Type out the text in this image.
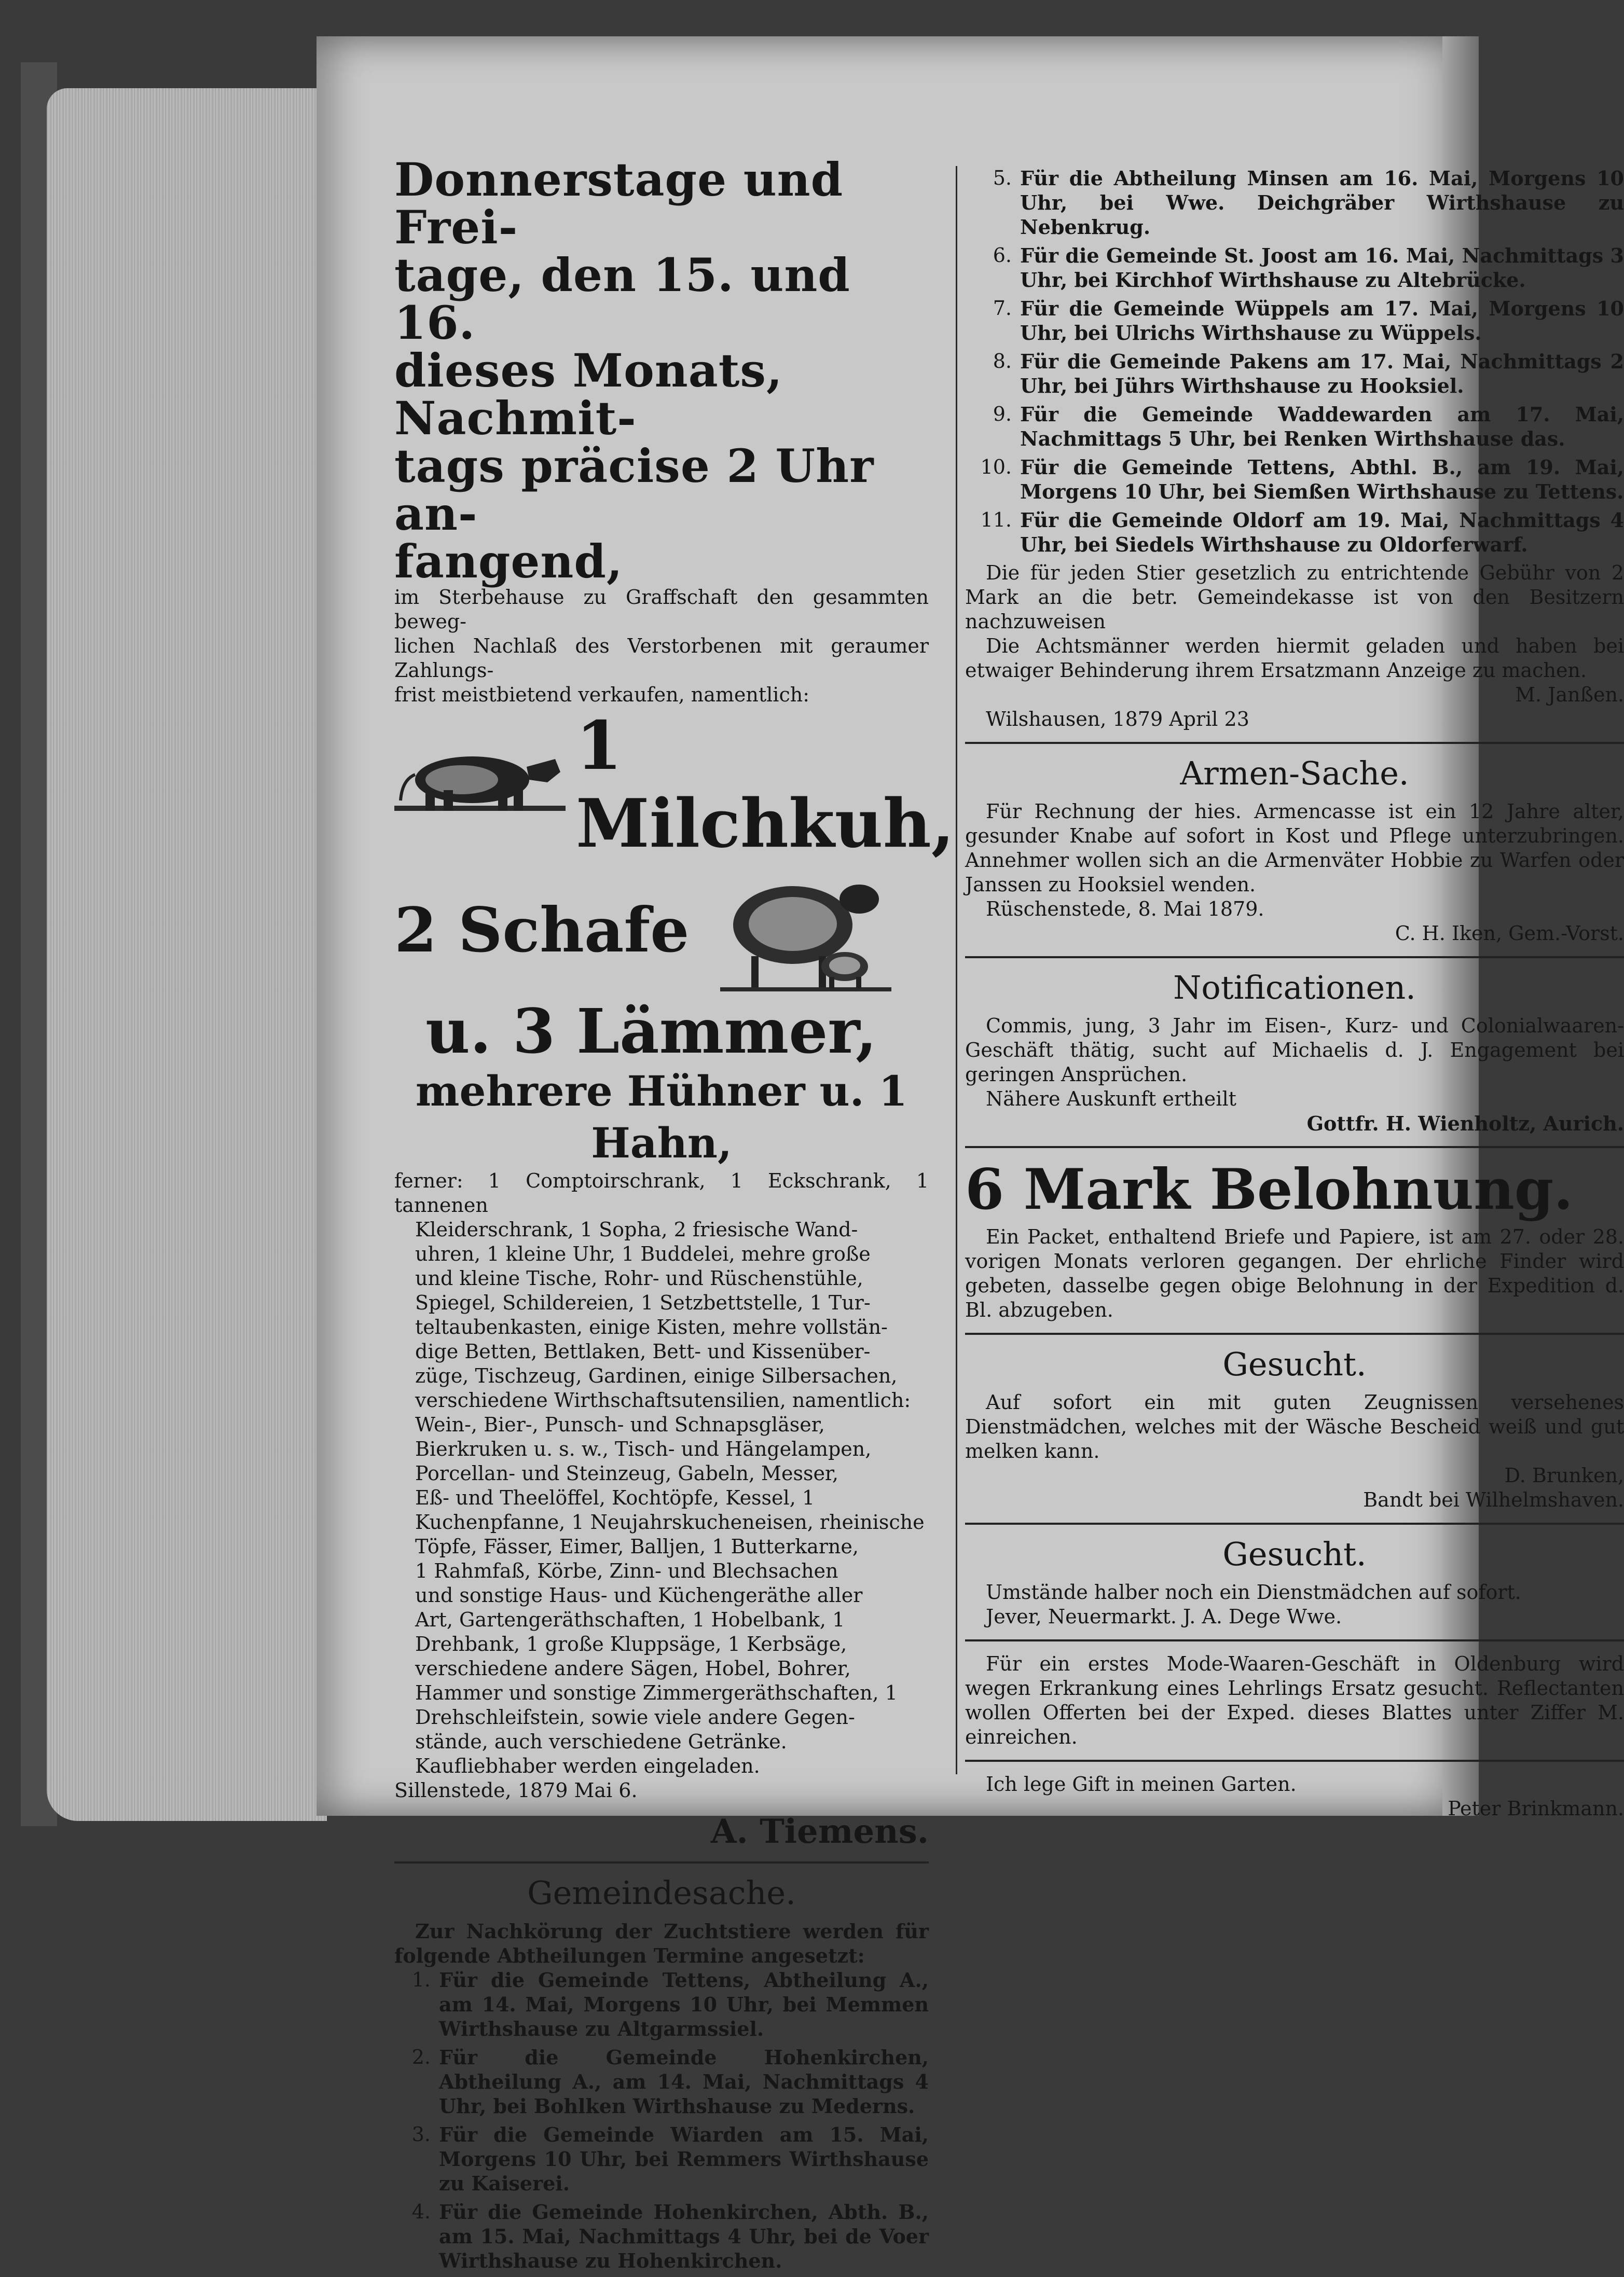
Donnerstage und Frei-

tage, den 15. und 16.

dieses Monats, Nachmit-

tags präcise 2 Uhr an-

fangend,

im Sterbehause zu Graffschaft den gesammten beweg-

lichen Nachlaß des Verstorbenen mit geraumer Zahlungs-

frist meistbietend verkaufen, namentlich:

1 Milchkuh,
2 Schafe
u. 3 Lämmer,
mehrere Hühner u. 1 Hahn,

ferner: 1 Comptoirschrank, 1 Eckschrank, 1 tannenen

Kleiderschrank, 1 Sopha, 2 friesische Wand-

uhren, 1 kleine Uhr, 1 Buddelei, mehre große

und kleine Tische, Rohr- und Rüschenstühle,

Spiegel, Schildereien, 1 Setzbettstelle, 1 Tur-

teltaubenkasten, einige Kisten, mehre vollstän-

dige Betten, Bettlaken, Bett- und Kissenüber-

züge, Tischzeug, Gardinen, einige Silbersachen,

verschiedene Wirthschaftsutensilien, namentlich:

Wein-, Bier-, Punsch- und Schnapsgläser,

Bierkruken u. s. w., Tisch- und Hängelampen,

Porcellan- und Steinzeug, Gabeln, Messer,

Eß- und Theelöffel, Kochtöpfe, Kessel, 1

Kuchenpfanne, 1 Neujahrskucheneisen, rheinische

Töpfe, Fässer, Eimer, Balljen, 1 Butterkarne,

1 Rahmfaß, Körbe, Zinn- und Blechsachen

und sonstige Haus- und Küchengeräthe aller

Art, Gartengeräthschaften, 1 Hobelbank, 1

Drehbank, 1 große Kluppsäge, 1 Kerbsäge,

verschiedene andere Sägen, Hobel, Bohrer,

Hammer und sonstige Zimmergeräthschaften, 1

Drehschleifstein, sowie viele andere Gegen-

stände, auch verschiedene Getränke.

Kaufliebhaber werden eingeladen.

Sillenstede, 1879 Mai 6.

A. Tiemens.
Gemeindesache.

Zur Nachkörung der Zuchtstiere werden für folgende Abtheilungen Termine angesetzt:

1. Für die Gemeinde Tettens, Abtheilung A., am 14. Mai, Morgens 10 Uhr, bei Memmen Wirthshause zu Altgarmssiel.
2. Für die Gemeinde Hohenkirchen, Abtheilung A., am 14. Mai, Nachmittags 4 Uhr, bei Bohlken Wirthshause zu Mederns.
3. Für die Gemeinde Wiarden am 15. Mai, Morgens 10 Uhr, bei Remmers Wirthshause zu Kaiserei.
4. Für die Gemeinde Hohenkirchen, Abth. B., am 15. Mai, Nachmittags 4 Uhr, bei de Voer Wirthshause zu Hohenkirchen.
5. Für die Abtheilung Minsen am 16. Mai, Morgens 10 Uhr, bei Wwe. Deichgräber Wirthshause zu Nebenkrug.
6. Für die Gemeinde St. Joost am 16. Mai, Nachmittags 3 Uhr, bei Kirchhof Wirthshause zu Altebrücke.
7. Für die Gemeinde Wüppels am 17. Mai, Morgens 10 Uhr, bei Ulrichs Wirthshause zu Wüppels.
8. Für die Gemeinde Pakens am 17. Mai, Nachmittags 2 Uhr, bei Jührs Wirthshause zu Hooksiel.
9. Für die Gemeinde Waddewarden am 17. Mai, Nachmittags 5 Uhr, bei Renken Wirthshause das.
10. Für die Gemeinde Tettens, Abthl. B., am 19. Mai, Morgens 10 Uhr, bei Siemßen Wirthshause zu Tettens.
11. Für die Gemeinde Oldorf am 19. Mai, Nachmittags 4 Uhr, bei Siedels Wirthshause zu Oldorferwarf.

Die für jeden Stier gesetzlich zu entrichtende Gebühr von 2 Mark an die betr. Gemeindekasse ist von den Besitzern nachzuweisen

Die Achtsmänner werden hiermit geladen und haben bei etwaiger Behinderung ihrem Ersatzmann Anzeige zu machen.

M. Janßen.

Wilshausen, 1879 April 23

Armen-Sache.

Für Rechnung der hies. Armencasse ist ein 12 Jahre alter, gesunder Knabe auf sofort in Kost und Pflege unterzubringen. Annehmer wollen sich an die Armenväter Hobbie zu Warfen oder Janssen zu Hooksiel wenden.

Rüschenstede, 8. Mai 1879.

C. H. Iken, Gem.-Vorst.
Notificationen.

Commis, jung, 3 Jahr im Eisen-, Kurz- und Colonialwaaren-Geschäft thätig, sucht auf Michaelis d. J. Engagement bei geringen Ansprüchen.

Nähere Auskunft ertheilt

Gottfr. H. Wienholtz, Aurich.
6 Mark Belohnung.

Ein Packet, enthaltend Briefe und Papiere, ist am 27. oder 28. vorigen Monats verloren gegangen. Der ehrliche Finder wird gebeten, dasselbe gegen obige Belohnung in der Expedition d. Bl. abzugeben.

Gesucht.

Auf sofort ein mit guten Zeugnissen versehenes Dienstmädchen, welches mit der Wäsche Bescheid weiß und gut melken kann.

D. Brunken,
Bandt bei Wilhelmshaven.
Gesucht.

Umstände halber noch ein Dienstmädchen auf sofort.

Jever, Neuermarkt. J. A. Dege Wwe.

Für ein erstes Mode-Waaren-Geschäft in Oldenburg wird wegen Erkrankung eines Lehrlings Ersatz gesucht. Reflectanten wollen Offerten bei der Exped. dieses Blattes unter Ziffer M. einreichen.

Ich lege Gift in meinen Garten.

Peter Brinkmann.
